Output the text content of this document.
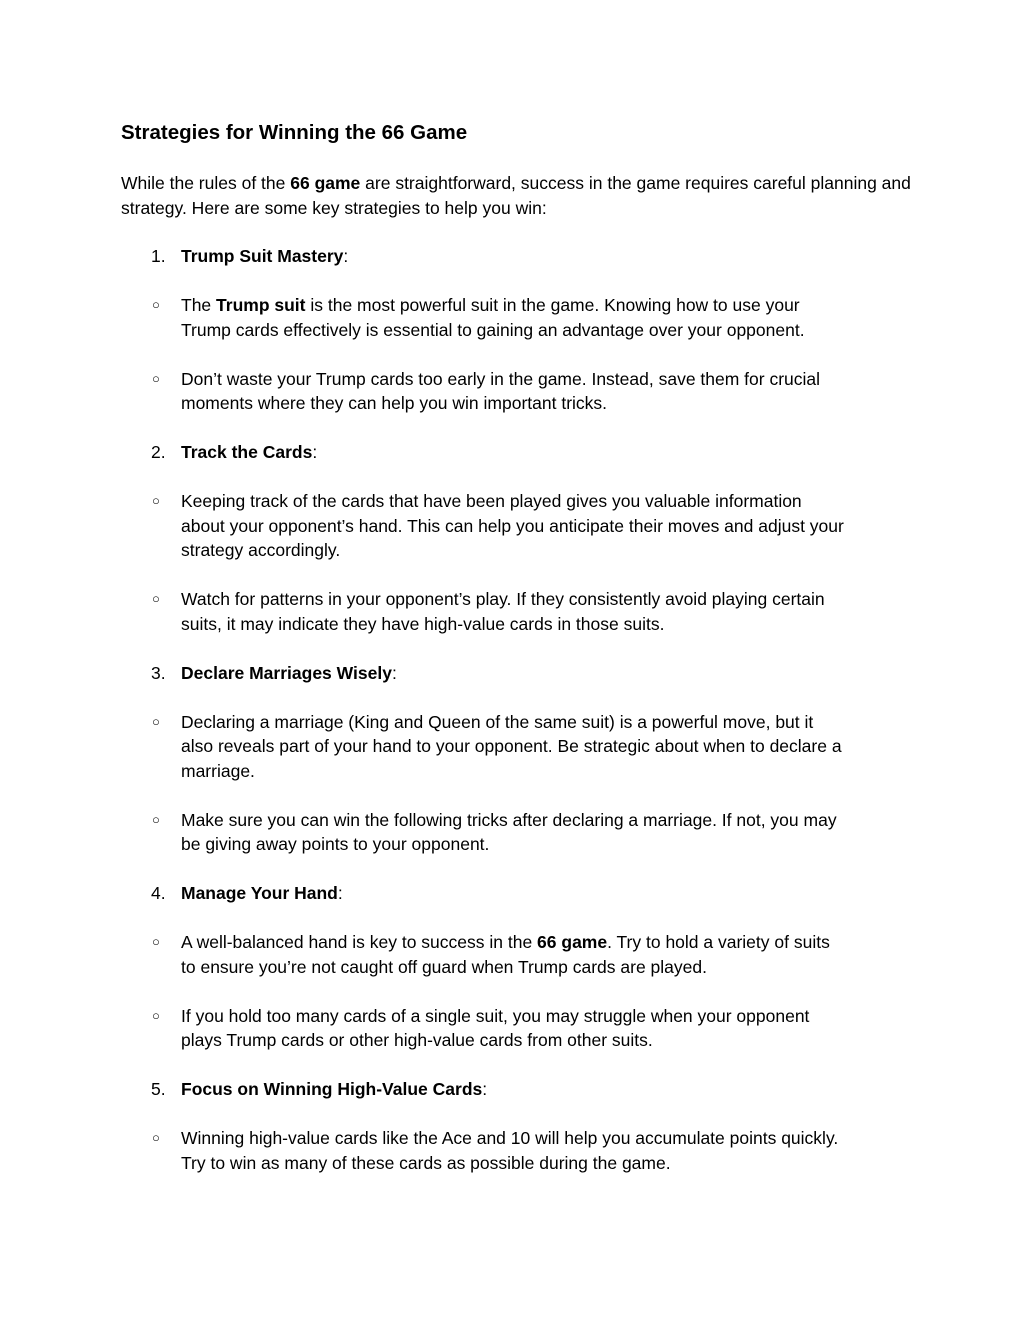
Strategies for Winning the 66 Game

While the rules of the 66 game are straightforward, success in the game requires careful planning and strategy. Here are some key strategies to help you win:

1. Trump Suit Mastery:
○ The Trump suit is the most powerful suit in the game. Knowing how to use your Trump cards effectively is essential to gaining an advantage over your opponent.
○ Don’t waste your Trump cards too early in the game. Instead, save them for crucial moments where they can help you win important tricks.
2. Track the Cards:
○ Keeping track of the cards that have been played gives you valuable information about your opponent’s hand. This can help you anticipate their moves and adjust your strategy accordingly.
○ Watch for patterns in your opponent’s play. If they consistently avoid playing certain suits, it may indicate they have high-value cards in those suits.
3. Declare Marriages Wisely:
○ Declaring a marriage (King and Queen of the same suit) is a powerful move, but it also reveals part of your hand to your opponent. Be strategic about when to declare a marriage.
○ Make sure you can win the following tricks after declaring a marriage. If not, you may be giving away points to your opponent.
4. Manage Your Hand:
○ A well-balanced hand is key to success in the 66 game. Try to hold a variety of suits to ensure you’re not caught off guard when Trump cards are played.
○ If you hold too many cards of a single suit, you may struggle when your opponent plays Trump cards or other high-value cards from other suits.
5. Focus on Winning High-Value Cards:
○ Winning high-value cards like the Ace and 10 will help you accumulate points quickly. Try to win as many of these cards as possible during the game.
